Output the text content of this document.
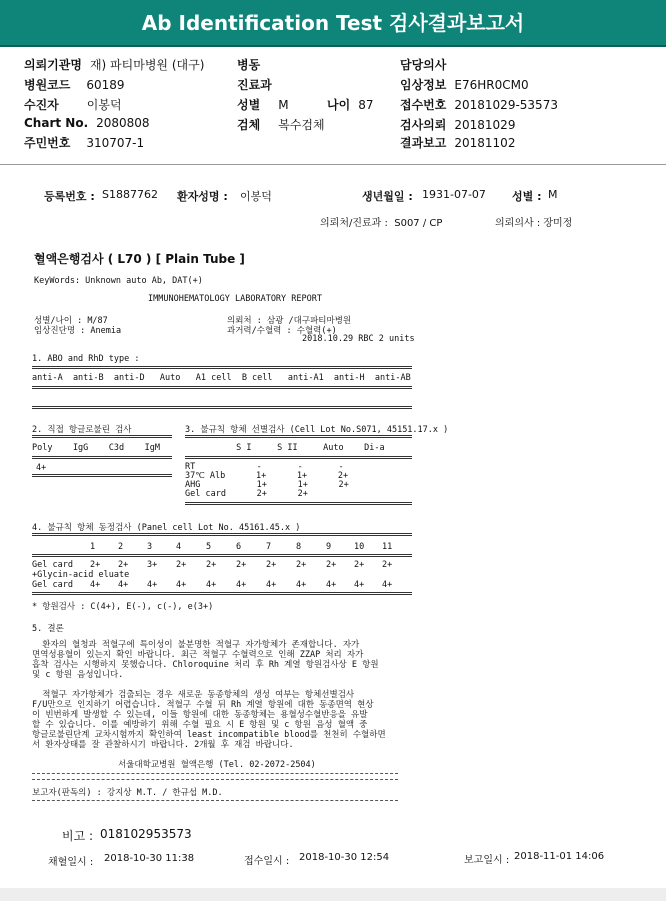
Ab Identification Test 검사결과보고서
의뢰기관명 재) 파티마병원 (대구)
병원코드 60189
수진자 이봉덕
Chart No. 2080808
주민번호 310707-1
병동
진료과
성별 M	나이 87
검체 복수검체
담당의사
임상정보 E76HR0CM0
접수번호 20181029-53573
검사의뢰 20181029
결과보고 20181102
등록번호 : S1887762 환자성명 : 이봉덕	생년월일 : 1931-07-07 성별 : M
의뢰처/진료과 :  S007 / CP	의뢰의사 : 장미정
혈액은행검사 ( L70 ) [ Plain Tube ]
KeyWords: Unknown auto Ab, DAT(+)
IMMUNOHEMATOLOGY LABORATORY REPORT
성별/나이 : M/87
임상진단명 : Anemia
의뢰처 : 삼광 /대구파티마병원
과거력/수혈력 : 수혈력(+)
2018.10.29 RBC 2 units
1. ABO and RhD type :
anti-A  anti-B  anti-D   Auto   A1 cell  B cell   anti-A1  anti-H  anti-AB
2. 직접 항글로불린 검사
Poly    IgG    C3d    IgM
4+
3. 불규칙 항체 선별검사 (Cell Lot No.S071, 45151.17.x )
S I     S II     Auto    Di-a
RT            -       -       -
37℃ Alb      1+      1+      2+
AHG           1+      1+      2+
Gel card      2+      2+
4. 불규칙 항체 동정검사 (Panel cell Lot No. 45161.45.x )
1	2	3	4	5	6	7	8	9	10 11
Gel card 2+ 2+ 3+ 2+ 2+ 2+ 2+ 2+ 2+ 2+ 2+
+Glycin-acid eluate
Gel card 4+ 4+ 4+ 4+ 4+ 4+ 4+ 4+ 4+ 4+ 4+
* 항원검사 : C(4+), E(-), c(-), e(3+)
5. 결론
환자의 혈청과 적혈구에 특이성이 불분명한 적혈구 자가항체가 존재합니다. 자가
면역성용혈이 있는지 확인 바랍니다. 최근 적혈구 수혈력으로 인해 ZZAP 처리 자가
흡착 검사는 시행하지 못했습니다. Chloroquine 처리 후 Rh 계열 항원검사상 E 항원
및 c 항원 음성입니다.
적혈구 자가항체가 검출되는 경우 새로운 동종항체의 생성 여부는 항체선별검사
F/U만으로 인지하기 어렵습니다. 적혈구 수혈 뒤 Rh 계열 항원에 대한 동종면역 현상
이 빈번하게 발생할 수 있는데, 이들 항원에 대한 동종항체는 용혈성수혈반응을 유발
할 수 있습니다. 이를 예방하기 위해 수혈 필요 시 E 항원 및 c 항원 음성 혈액 중
항글로불린단계 교차시험까지 확인하여 least incompatible blood를 천천히 수혈하면
서 환자상태를 잘 관찰하시기 바랍니다. 2개월 후 재검 바랍니다.
서울대학교병원 혈액은행 (Tel. 02-2072-2504)
보고자(판독의) : 강지상 M.T. / 한규섭 M.D.
비고 : 018102953573
채혈일시 : 2018-10-30 11:38	접수일시 : 2018-10-30 12:54	보고일시 : 2018-11-01 14:06
